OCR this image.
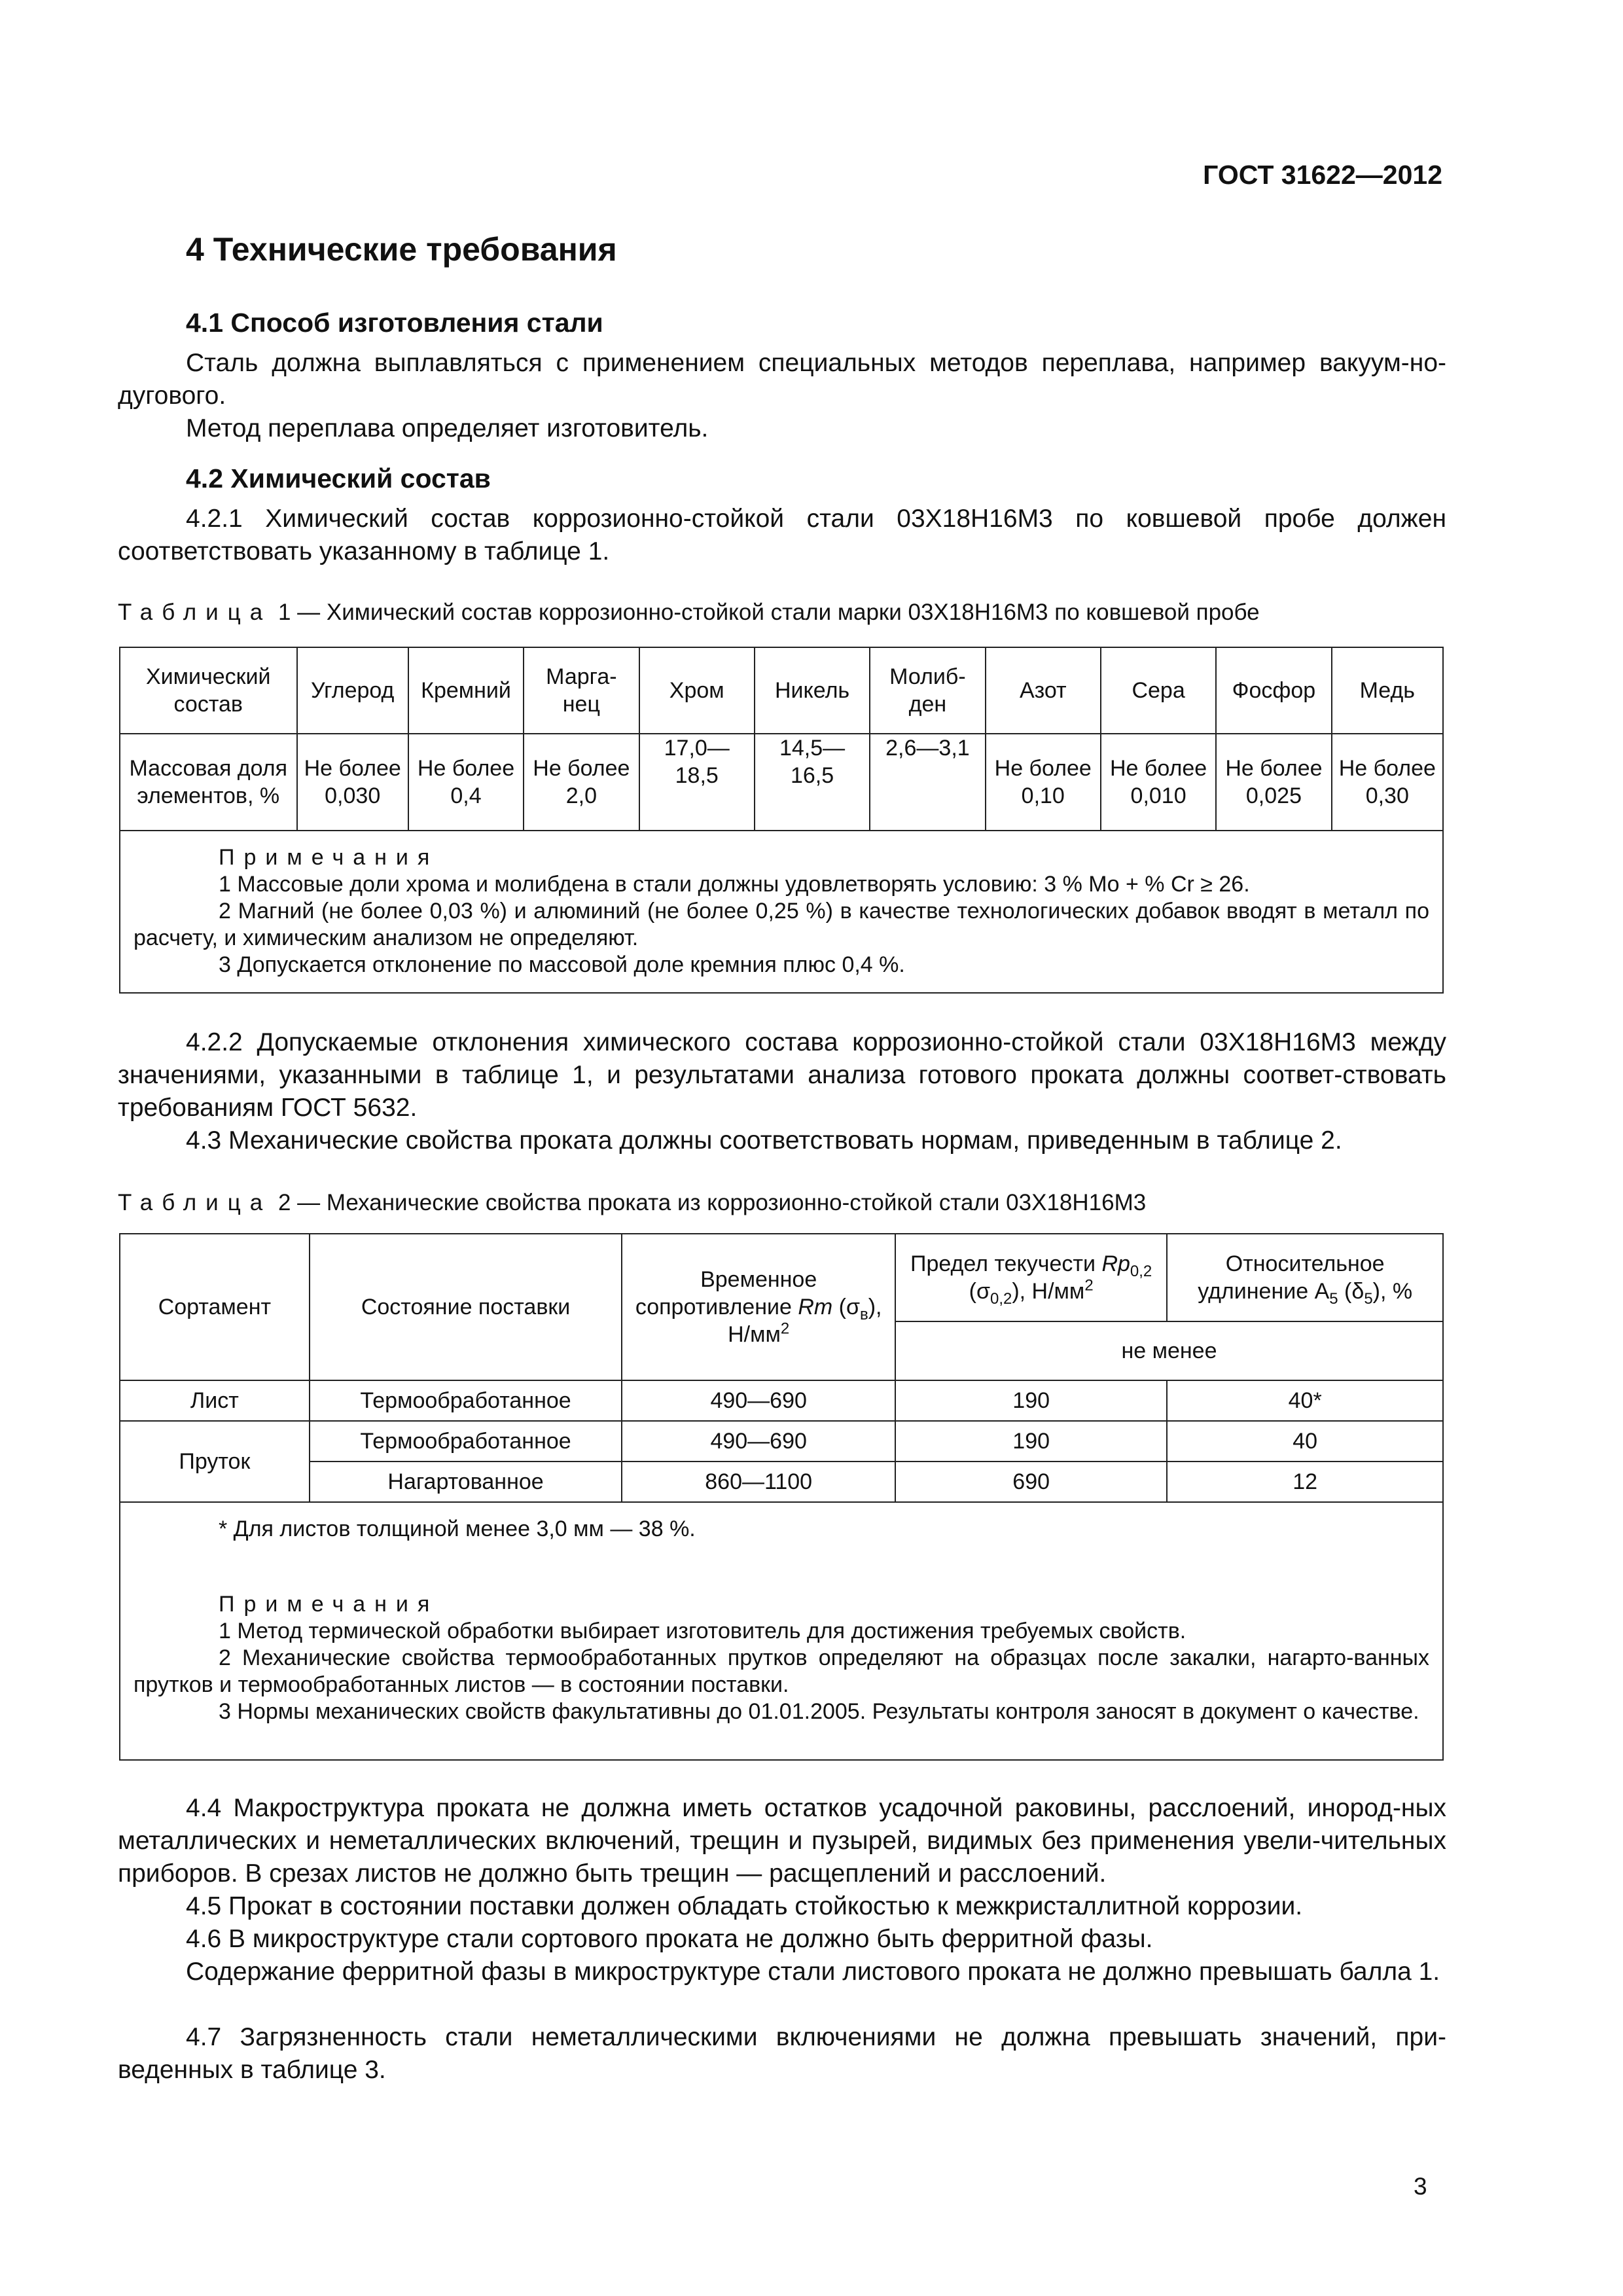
ГОСТ 31622—2012
4 Технические требования
4.1 Способ изготовления стали

Сталь должна выплавляться с применением специальных методов переплава, например вакуум-но-дугового.

Метод переплава определяет изготовитель.

4.2 Химический состав

4.2.1 Химический состав коррозионно-стойкой стали 03Х18Н16М3 по ковшевой пробе должен соответствовать указанному в таблице 1.

Таблица 1 — Химический состав коррозионно-стойкой стали марки 03Х18Н16М3 по ковшевой пробе
Химический состав	Углерод	Кремний	Марга-нец	Хром	Никель	Молиб-ден	Азот	Сера	Фосфор	Медь
Массовая доля элементов, %	Не более 0,030	Не более 0,4	Не более 2,0	17,0— 18,5	14,5— 16,5	2,6—3,1	Не более 0,10	Не более 0,010	Не более 0,025	Не более 0,30
Примечания
1 Массовые доли хрома и молибдена в стали должны удовлетворять условию: 3 % Mo + % Cr ≥ 26.
2 Магний (не более 0,03 %) и алюминий (не более 0,25 %) в качестве технологических добавок вводят в металл по расчету, и химическим анализом не определяют.
3 Допускается отклонение по массовой доле кремния плюс 0,4 %.

4.2.2 Допускаемые отклонения химического состава коррозионно-стойкой стали 03Х18Н16М3 между значениями, указанными в таблице 1, и результатами анализа готового проката должны соответ-ствовать требованиям ГОСТ 5632.

4.3 Механические свойства проката должны соответствовать нормам, приведенным в таблице 2.

Таблица 2 — Механические свойства проката из коррозионно-стойкой стали 03Х18Н16М3
Сортамент	Состояние поставки	Временное сопротивление Rm $(\sigma_в)$, $Н/мм^2$	Предел текучести $Rp_{0,2}$ $(\sigma_{0,2})$, $Н/мм^2$	Относительное удлинение $A_5$ $(\delta_5)$, %
			не менее	
Лист	Термообработанное	490—690	190	40*
Пруток	Термообработанное	490—690	190	40
	Нагартованное	860—1100	690	12
* Для листов толщиной менее 3,0 мм — 38 %.
Примечания
1 Метод термической обработки выбирает изготовитель для достижения требуемых свойств.
2 Механические свойства термообработанных прутков определяют на образцах после закалки, нагарто-ванных прутков и термообработанных листов — в состоянии поставки.
3 Нормы механических свойств факультативны до 01.01.2005. Результаты контроля заносят в документ о качестве.

4.4 Макроструктура проката не должна иметь остатков усадочной раковины, расслоений, инород-ных металлических и неметаллических включений, трещин и пузырей, видимых без применения увели-чительных приборов. В срезах листов не должно быть трещин — расщеплений и расслоений.

4.5 Прокат в состоянии поставки должен обладать стойкостью к межкристаллитной коррозии.

4.6 В микроструктуре стали сортового проката не должно быть ферритной фазы.

Содержание ферритной фазы в микроструктуре стали листового проката не должно превышать балла 1.

4.7 Загрязненность стали неметаллическими включениями не должна превышать значений, при-веденных в таблице 3.

3
